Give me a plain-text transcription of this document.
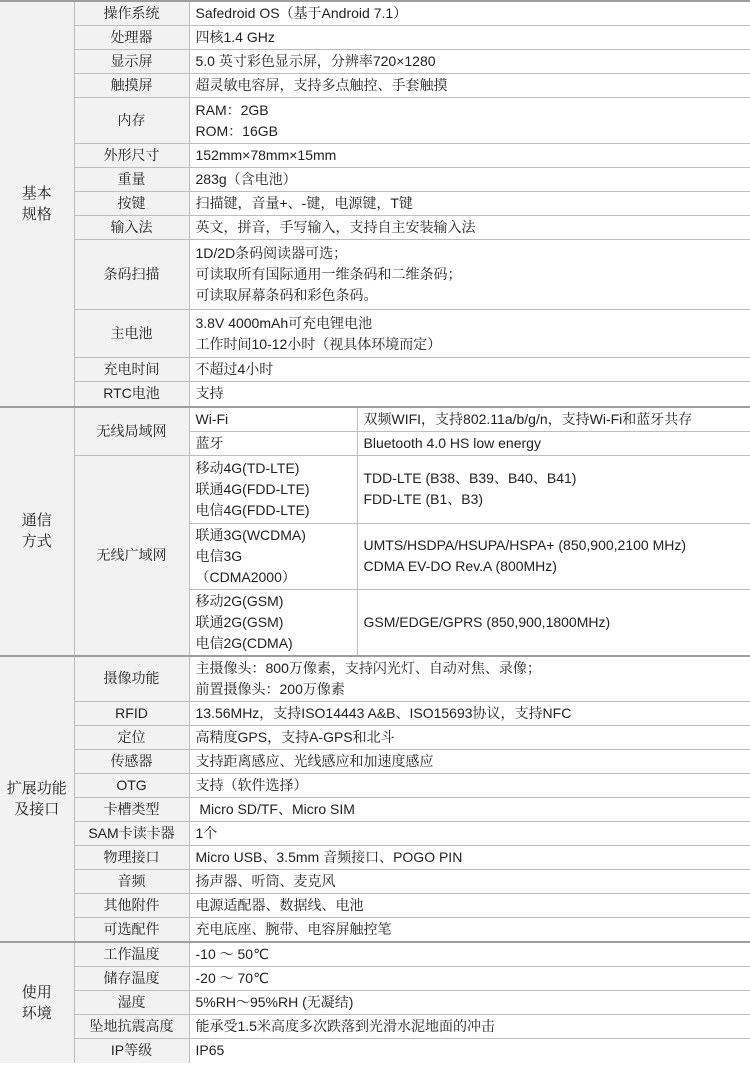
基本
规格	操作系统	Safedroid OS（基于Android 7.1）	
	处理器	四核1.4 GHz	
	显示屏	5.0 英寸彩色显示屏，分辨率720×1280	
	触摸屏	超灵敏电容屏，支持多点触控、手套触摸	
	内存	RAM：2GB
ROM：16GB	

	外形尺寸	152mm×78mm×15mm	
	重量	283g（含电池）	
	按键	扫描键，音量+、-键，电源键，T键	
	输入法	英文，拼音，手写输入，支持自主安装输入法	
	条码扫描	1D/2D条码阅读器可选；
可读取所有国际通用一维条码和二维条码；
可读取屏幕条码和彩色条码。	

	主电池	3.8V 4000mAh可充电锂电池
工作时间10-12小时（视具体环境而定）	

	充电时间	不超过4小时	
	RTC电池	支持	

通信
方式	无线局域网	Wi-Fi	双频WIFI，支持802.11a/b/g/n，支持Wi-Fi和蓝牙共存
		蓝牙	Bluetooth 4.0 HS low energy
	无线广域网	移动4G(TD-LTE)
联通4G(FDD-LTE)
电信4G(FDD-LTE)	TDD-LTE (B38、B39、B40、B41)
FDD-LTE (B1、B3)

		联通3G(WCDMA)
电信3G
（CDMA2000）	UMTS/HSDPA/HSUPA/HSPA+ (850,900,2100 MHz)
CDMA EV-DO Rev.A (800MHz)

		移动2G(GSM)
联通2G(GSM)
电信2G(CDMA)	GSM/EDGE/GPRS (850,900,1800MHz)

扩展功能
及接口	摄像功能	主摄像头：800万像素，支持闪光灯、自动对焦、录像；
前置摄像头：200万像素	

	RFID	13.56MHz，支持ISO14443 A&B、ISO15693协议，支持NFC	
	定位	高精度GPS，支持A-GPS和北斗	
	传感器	支持距离感应、光线感应和加速度感应	
	OTG	支持（软件选择）	
	卡槽类型	Micro SD/TF、Micro SIM	
	SAM卡读卡器	1个	
	物理接口	Micro USB、3.5mm 音频接口、POGO PIN	
	音频	扬声器、听筒、麦克风	
	其他附件	电源适配器、数据线、电池	
	可选配件	充电底座、腕带、电容屏触控笔	

使用
环境	工作温度	-10 ～ 50℃	
	储存温度	-20 ～ 70℃	
	湿度	5%RH～95%RH (无凝结)	
	坠地抗震高度	能承受1.5米高度多次跌落到光滑水泥地面的冲击	
	IP等级	IP65	
